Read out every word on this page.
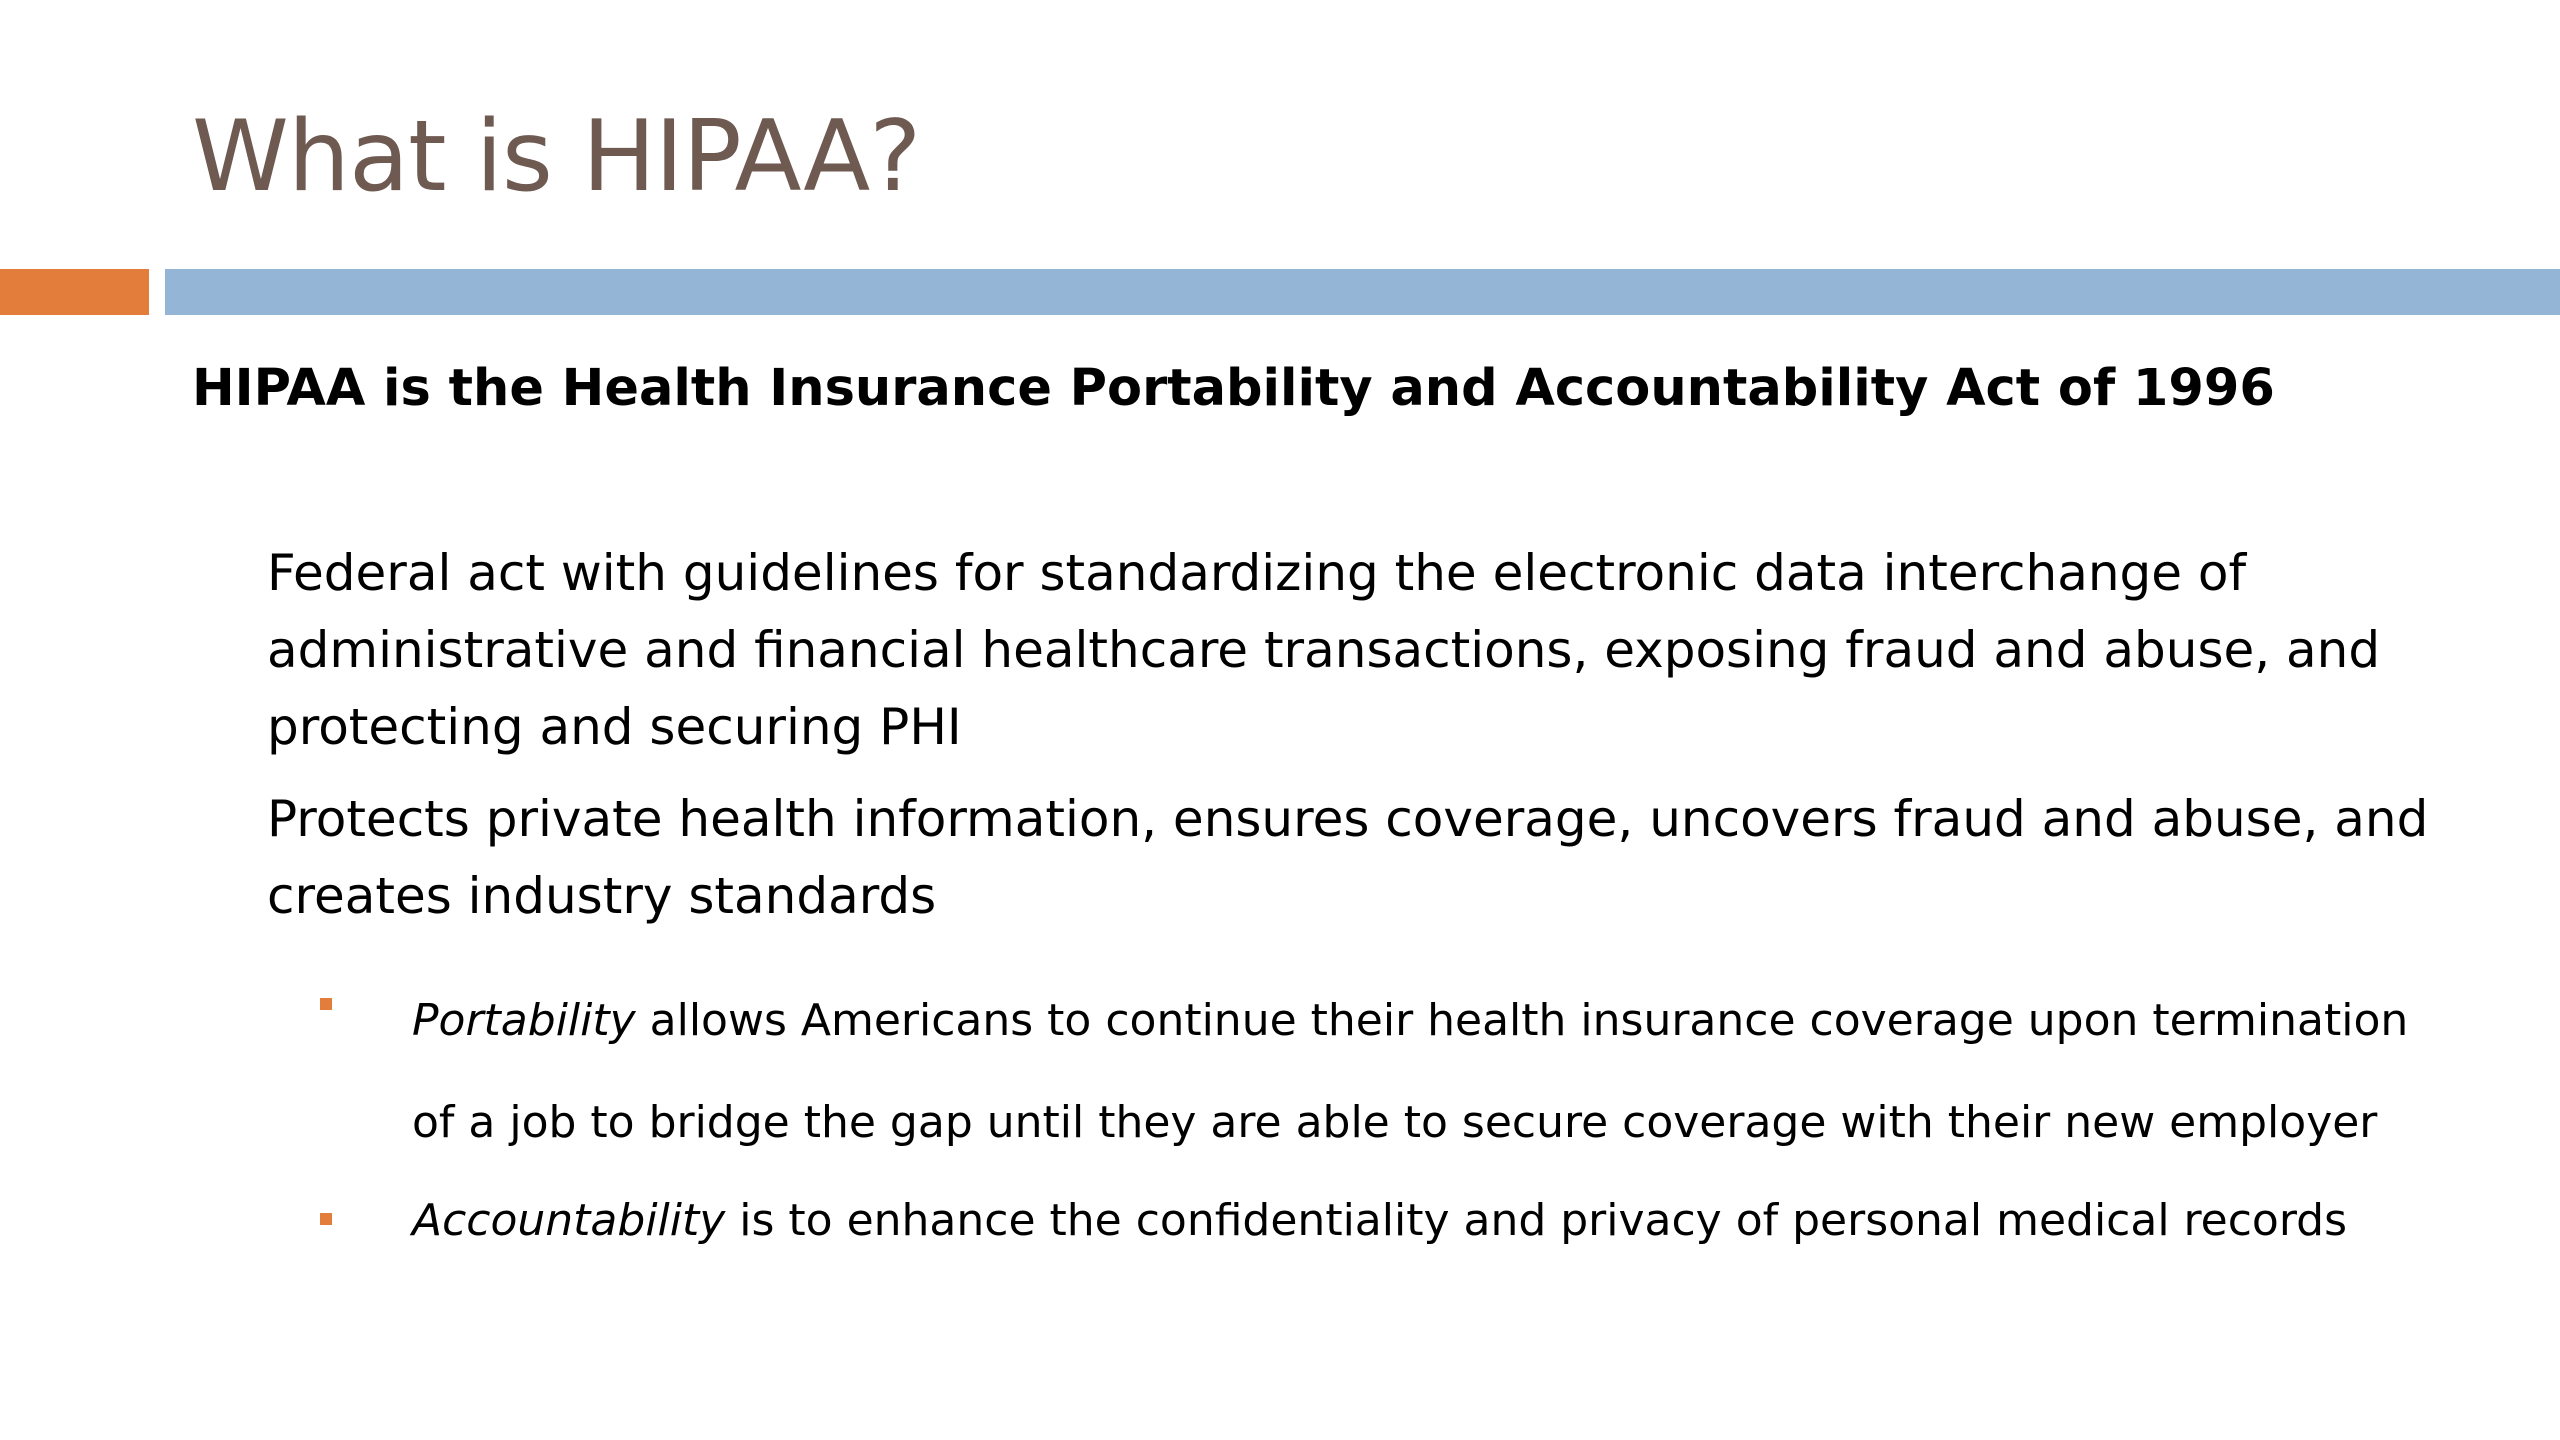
What is HIPAA?

HIPAA is the Health Insurance Portability and Accountability Act of 1996

Federal act with guidelines for standardizing the electronic data interchange of administrative and financial healthcare transactions, exposing fraud and abuse, and protecting and securing PHI

Protects private health information, ensures coverage, uncovers fraud and abuse, and creates industry standards

Portability allows Americans to continue their health insurance coverage upon termination of a job to bridge the gap until they are able to secure coverage with their new employer

Accountability is to enhance the confidentiality and privacy of personal medical records
